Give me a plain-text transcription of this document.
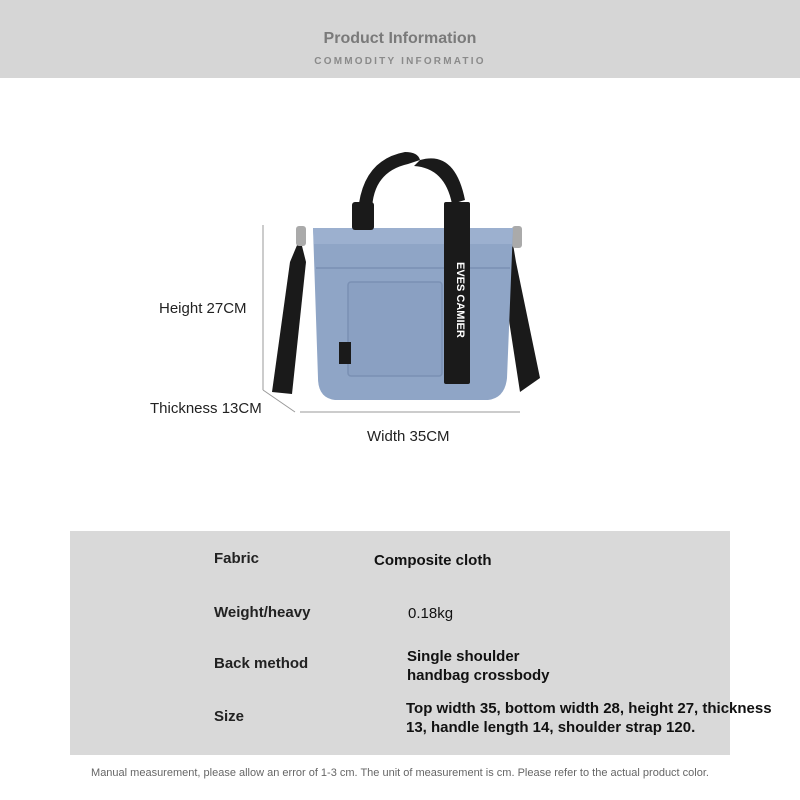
Product Information
COMMODITY INFORMATIO
EVES CAMIER
Height 27CM
Thickness 13CM
Width 35CM
Fabric	Composite cloth
Weight/heavy	0.18kg
Back method	Single shoulder
handbag crossbody
Size	Top width 35, bottom width 28, height 27, thickness
13, handle length 14, shoulder strap 120.
Manual measurement, please allow an error of 1-3 cm. The unit of measurement is cm. Please refer to the actual product color.
